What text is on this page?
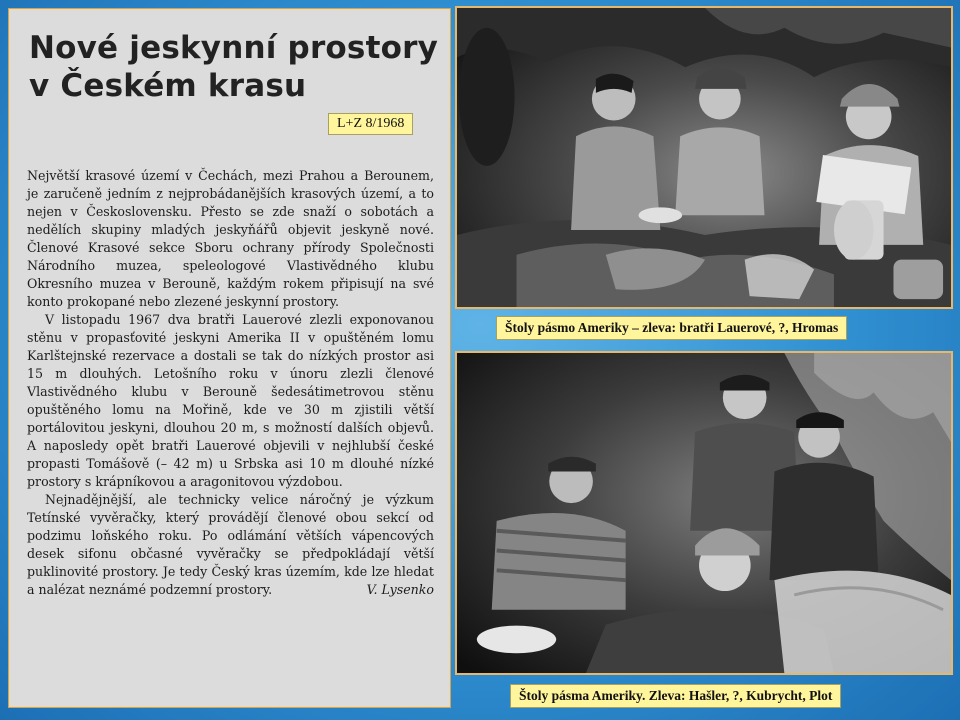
Nové jeskynní prostory
v Českém krasu

Největší krasové území v Čechách, mezi Prahou a Berounem, je zaručeně jedním z nejprobádanějších krasových území, a to nejen v Československu. Přesto se zde snaží o sobotách a nedělích skupiny mladých jeskyňářů objevit jeskyně nové. Členové Krasové sekce Sboru ochrany přírody Společnosti Národního muzea, speleologové Vlastivědného klubu Okresního muzea v Berouně, každým rokem připisují na své konto prokopané nebo zlezené jeskynní prostory.

V listopadu 1967 dva bratři Lauerové zlezli exponovanou stěnu v propasťovité jeskyni Amerika II v opuštěném lomu Karlštejnské rezervace a dostali se tak do nízkých prostor asi 15 m dlouhých. Letošního roku v únoru zlezli členové Vlastivědného klubu v Berouně šedesátimetrovou stěnu opuštěného lomu na Mořině, kde ve 30 m zjistili větší portálovitou jeskyni, dlouhou 20 m, s možností dalších objevů. A naposledy opět bratři Lauerové objevili v nejhlubší české propasti Tomášově (– 42 m) u Srbska asi 10 m dlouhé nízké prostory s krápníkovou a aragonitovou výzdobou.

Nejnadějnější, ale technicky velice náročný je výzkum Tetínské vyvěračky, který provádějí členové obou sekcí od podzimu loňského roku. Po odlámání větších vápencových desek sifonu občasné vyvěračky se předpokládají větší puklinovité prostory. Je tedy Český kras územím, kde lze hledat a nalézat neznámé podzemní prostory.	V. Lysenko
L+Z 8/1968
Štoly pásmo Ameriky – zleva: bratři Lauerové, ?, Hromas
Štoly pásma Ameriky. Zleva: Hašler, ?, Kubrycht, Plot
